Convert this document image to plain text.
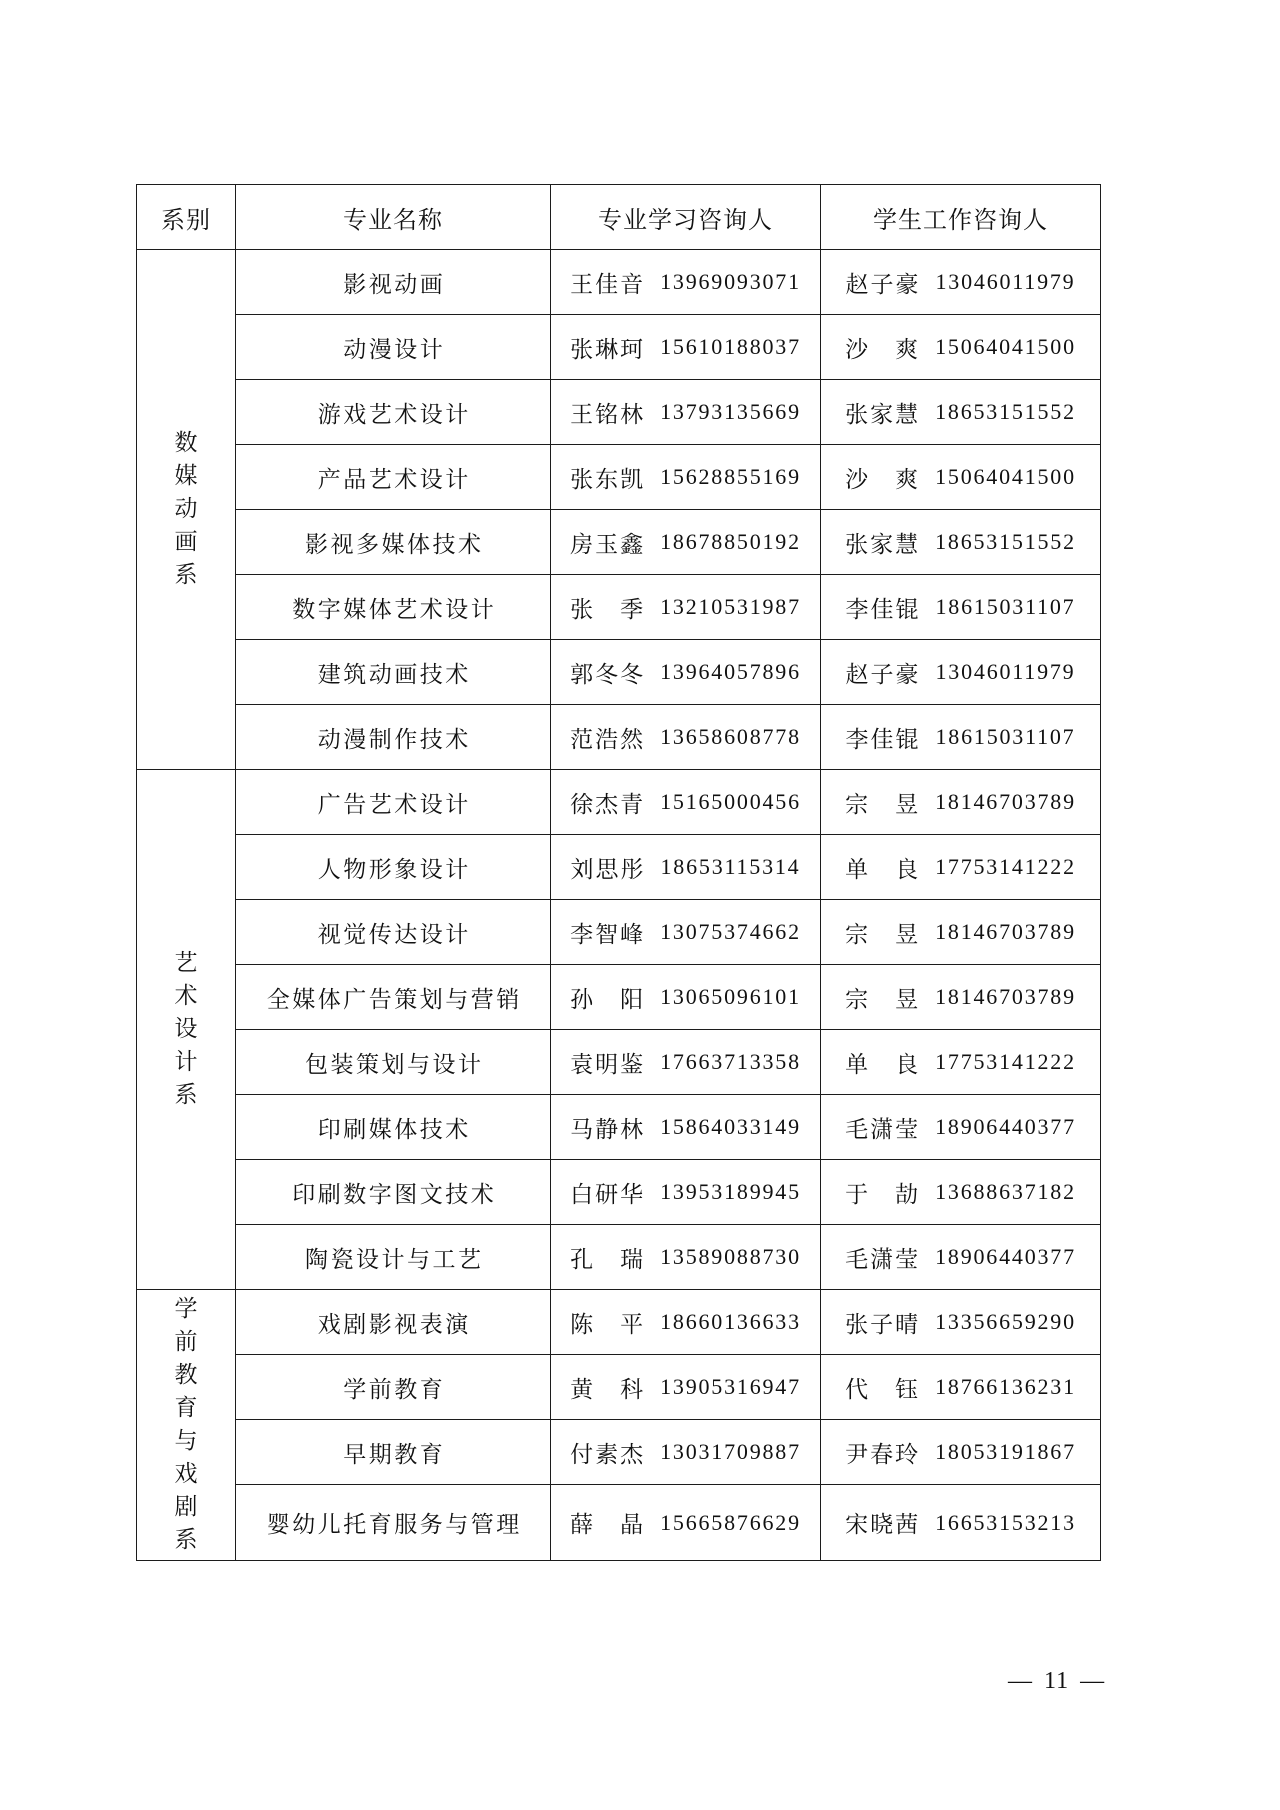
系别	专业名称	专业学习咨询人	学生工作咨询人

数媒动画系	影视动画	王佳音 13969093071	赵子豪 13046011979
	动漫设计	张琳珂 15610188037	沙爽 15064041500
	游戏艺术设计	王铭林 13793135669	张家慧 18653151552
	产品艺术设计	张东凯 15628855169	沙爽 15064041500
	影视多媒体技术	房玉鑫 18678850192	张家慧 18653151552
	数字媒体艺术设计	张季 13210531987	李佳锟 18615031107
	建筑动画技术	郭冬冬 13964057896	赵子豪 13046011979
	动漫制作技术	范浩然 13658608778	李佳锟 18615031107

艺术设计系	广告艺术设计	徐杰青 15165000456	宗昱 18146703789
	人物形象设计	刘思彤 18653115314	单良 17753141222
	视觉传达设计	李智峰 13075374662	宗昱 18146703789
	全媒体广告策划与营销	孙阳 13065096101	宗昱 18146703789
	包装策划与设计	袁明鉴 17663713358	单良 17753141222
	印刷媒体技术	马静林 15864033149	毛潇莹 18906440377
	印刷数字图文技术	白研华 13953189945	于劼 13688637182
	陶瓷设计与工艺	孔瑞 13589088730	毛潇莹 18906440377

学前教育与戏剧系	戏剧影视表演	陈平 18660136633	张子晴 13356659290
	学前教育	黄科 13905316947	代钰 18766136231
	早期教育	付素杰 13031709887	尹春玲 18053191867
	婴幼儿托育服务与管理	薛晶 15665876629	宋晓茜 16653153213
— 11 —
